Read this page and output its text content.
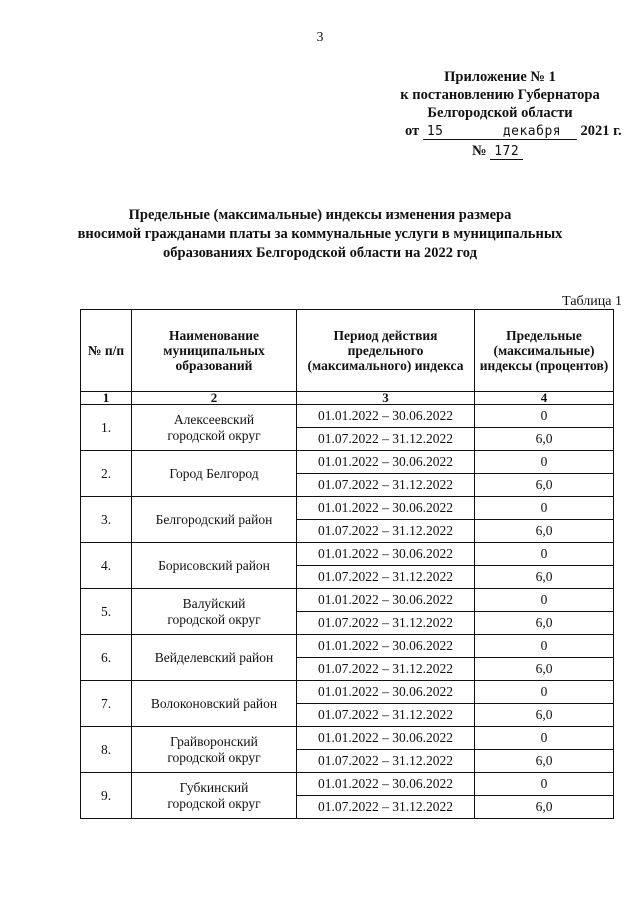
3
Приложение № 1
к постановлению Губернатора
Белгородской области
от 15	декабря 2021 г.
№ 172
Предельные (максимальные) индексы изменения размера
вносимой гражданами платы за коммунальные услуги в муниципальных
образованиях Белгородской области на 2022 год
Таблица 1
№ п/п	Наименование муниципальных образований	Период действия предельного (максимального) индекса	Предельные (максимальные) индексы (процентов)
1	2	3	4
1.	Алексеевский
городской округ	01.01.2022 – 30.06.2022	0
		01.07.2022 – 31.12.2022	6,0
2.	Город Белгород	01.01.2022 – 30.06.2022	0
		01.07.2022 – 31.12.2022	6,0
3.	Белгородский район	01.01.2022 – 30.06.2022	0
		01.07.2022 – 31.12.2022	6,0
4.	Борисовский район	01.01.2022 – 30.06.2022	0
		01.07.2022 – 31.12.2022	6,0
5.	Валуйский
городской округ	01.01.2022 – 30.06.2022	0
		01.07.2022 – 31.12.2022	6,0
6.	Вейделевский район	01.01.2022 – 30.06.2022	0
		01.07.2022 – 31.12.2022	6,0
7.	Волоконовский район	01.01.2022 – 30.06.2022	0
		01.07.2022 – 31.12.2022	6,0
8.	Грайворонский
городской округ	01.01.2022 – 30.06.2022	0
		01.07.2022 – 31.12.2022	6,0
9.	Губкинский
городской округ	01.01.2022 – 30.06.2022	0
		01.07.2022 – 31.12.2022	6,0
